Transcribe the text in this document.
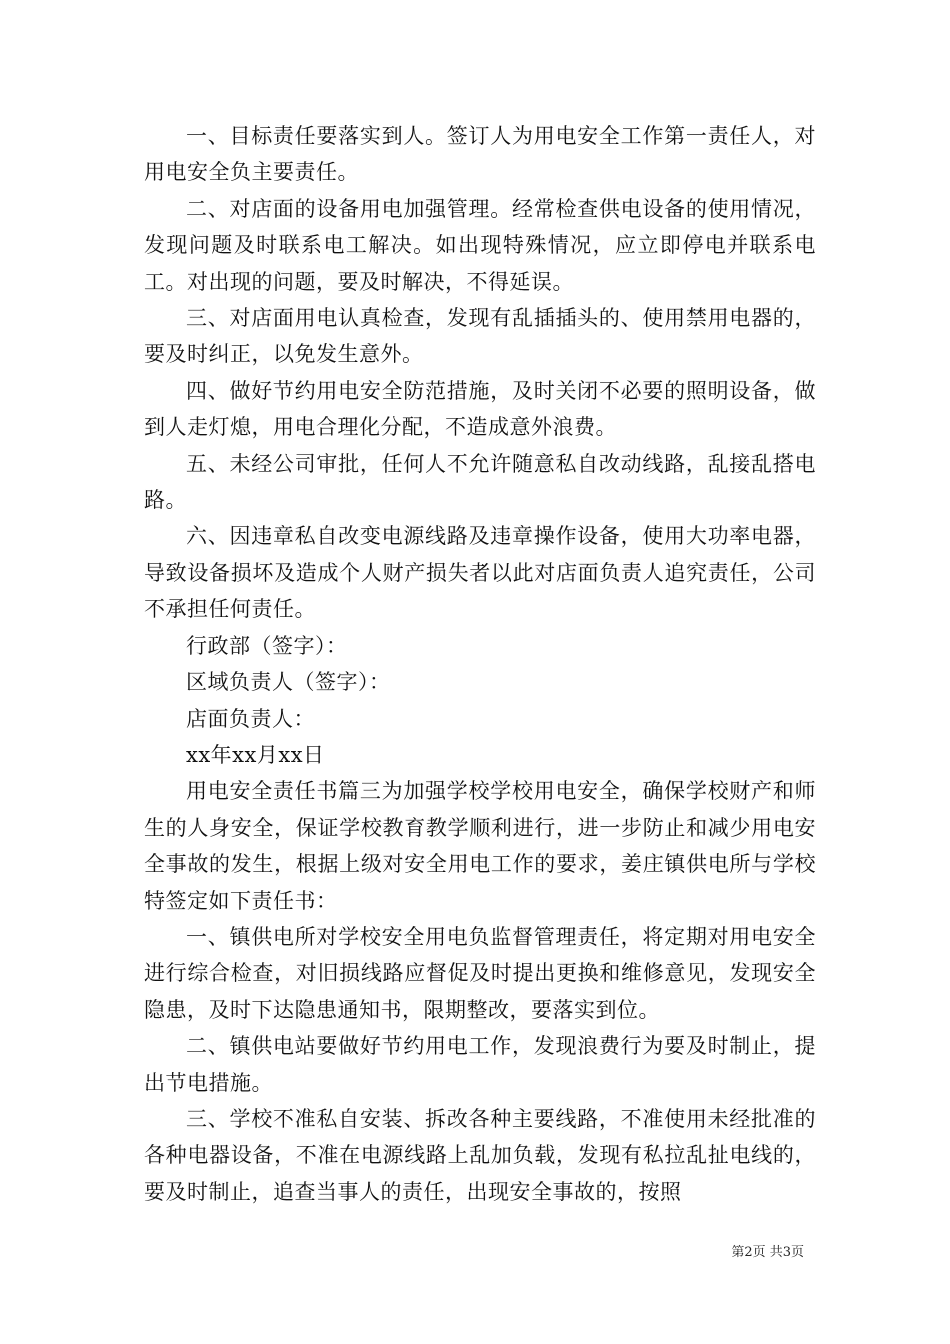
一、目标责任要落实到人。签订人为用电安全工作第一责任人，对用电安全负主要责任。

二、对店面的设备用电加强管理。经常检查供电设备的使用情况，发现问题及时联系电工解决。如出现特殊情况，应立即停电并联系电工。对出现的问题，要及时解决，不得延误。

三、对店面用电认真检查，发现有乱插插头的、使用禁用电器的，要及时纠正，以免发生意外。

四、做好节约用电安全防范措施，及时关闭不必要的照明设备，做到人走灯熄，用电合理化分配，不造成意外浪费。

五、未经公司审批，任何人不允许随意私自改动线路，乱接乱搭电路。

六、因违章私自改变电源线路及违章操作设备，使用大功率电器，导致设备损坏及造成个人财产损失者以此对店面负责人追究责任，公司不承担任何责任。

行政部（签字）：

区域负责人（签字）：

店面负责人：

xx年xx月xx日

用电安全责任书篇三为加强学校学校用电安全，确保学校财产和师生的人身安全，保证学校教育教学顺利进行，进一步防止和减少用电安全事故的发生，根据上级对安全用电工作的要求，姜庄镇供电所与学校特签定如下责任书：

一、镇供电所对学校安全用电负监督管理责任，将定期对用电安全进行综合检查，对旧损线路应督促及时提出更换和维修意见，发现安全隐患，及时下达隐患通知书，限期整改，要落实到位。

二、镇供电站要做好节约用电工作，发现浪费行为要及时制止，提出节电措施。

三、学校不准私自安装、拆改各种主要线路，不准使用未经批准的各种电器设备，不准在电源线路上乱加负载，发现有私拉乱扯电线的，要及时制止，追查当事人的责任，出现安全事故的，按照

第2页 共3页
